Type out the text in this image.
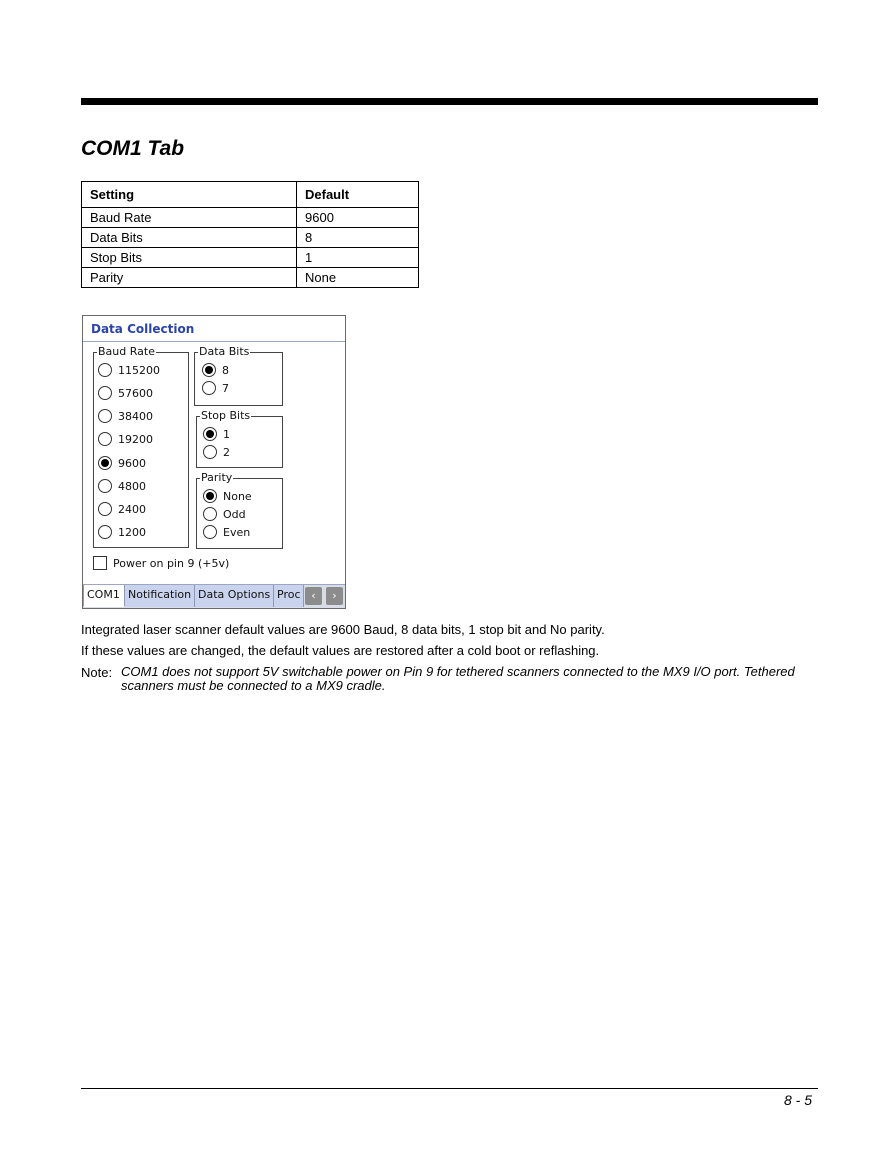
COM1 Tab
Setting	Default
Baud Rate	9600
Data Bits	8
Stop Bits	1
Parity	None
Data Collection
Baud Rate
115200
57600
38400
19200
9600
4800
2400
1200
Data Bits
8
7
Stop Bits
1
2
Parity
None
Odd
Even
Power on pin 9 (+5v)
COM1 Notification Data Options Proc ‹	›

Integrated laser scanner default values are 9600 Baud, 8 data bits, 1 stop bit and No parity.

If these values are changed, the default values are restored after a cold boot or reflashing.

Note: COM1 does not support 5V switchable power on Pin 9 for tethered scanners connected to the MX9 I/O port. Tethered scanners must be connected to a MX9 cradle.
8 - 5
